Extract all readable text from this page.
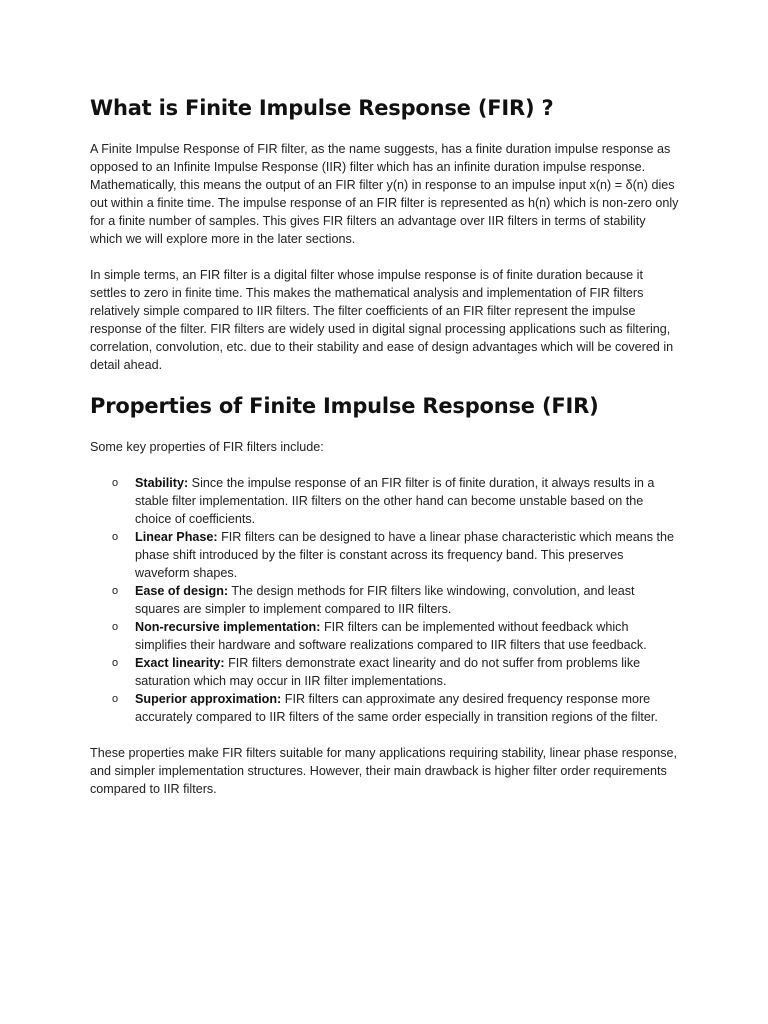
What is Finite Impulse Response (FIR) ?

A Finite Impulse Response of FIR filter, as the name suggests, has a finite duration impulse response as opposed to an Infinite Impulse Response (IIR) filter which has an infinite duration impulse response. Mathematically, this means the output of an FIR filter y(n) in response to an impulse input x(n) = δ(n) dies out within a finite time. The impulse response of an FIR filter is represented as h(n) which is non-zero only for a finite number of samples. This gives FIR filters an advantage over IIR filters in terms of stability which we will explore more in the later sections.

In simple terms, an FIR filter is a digital filter whose impulse response is of finite duration because it settles to zero in finite time. This makes the mathematical analysis and implementation of FIR filters relatively simple compared to IIR filters. The filter coefficients of an FIR filter represent the impulse response of the filter. FIR filters are widely used in digital signal processing applications such as filtering, correlation, convolution, etc. due to their stability and ease of design advantages which will be covered in detail ahead.

Properties of Finite Impulse Response (FIR)

Some key properties of FIR filters include:

o Stability: Since the impulse response of an FIR filter is of finite duration, it always results in a stable filter implementation. IIR filters on the other hand can become unstable based on the choice of coefficients.
o Linear Phase: FIR filters can be designed to have a linear phase characteristic which means the phase shift introduced by the filter is constant across its frequency band. This preserves waveform shapes.
o Ease of design: The design methods for FIR filters like windowing, convolution, and least squares are simpler to implement compared to IIR filters.
o Non-recursive implementation: FIR filters can be implemented without feedback which simplifies their hardware and software realizations compared to IIR filters that use feedback.
o Exact linearity: FIR filters demonstrate exact linearity and do not suffer from problems like saturation which may occur in IIR filter implementations.
o Superior approximation: FIR filters can approximate any desired frequency response more accurately compared to IIR filters of the same order especially in transition regions of the filter.

These properties make FIR filters suitable for many applications requiring stability, linear phase response, and simpler implementation structures. However, their main drawback is higher filter order requirements compared to IIR filters.
